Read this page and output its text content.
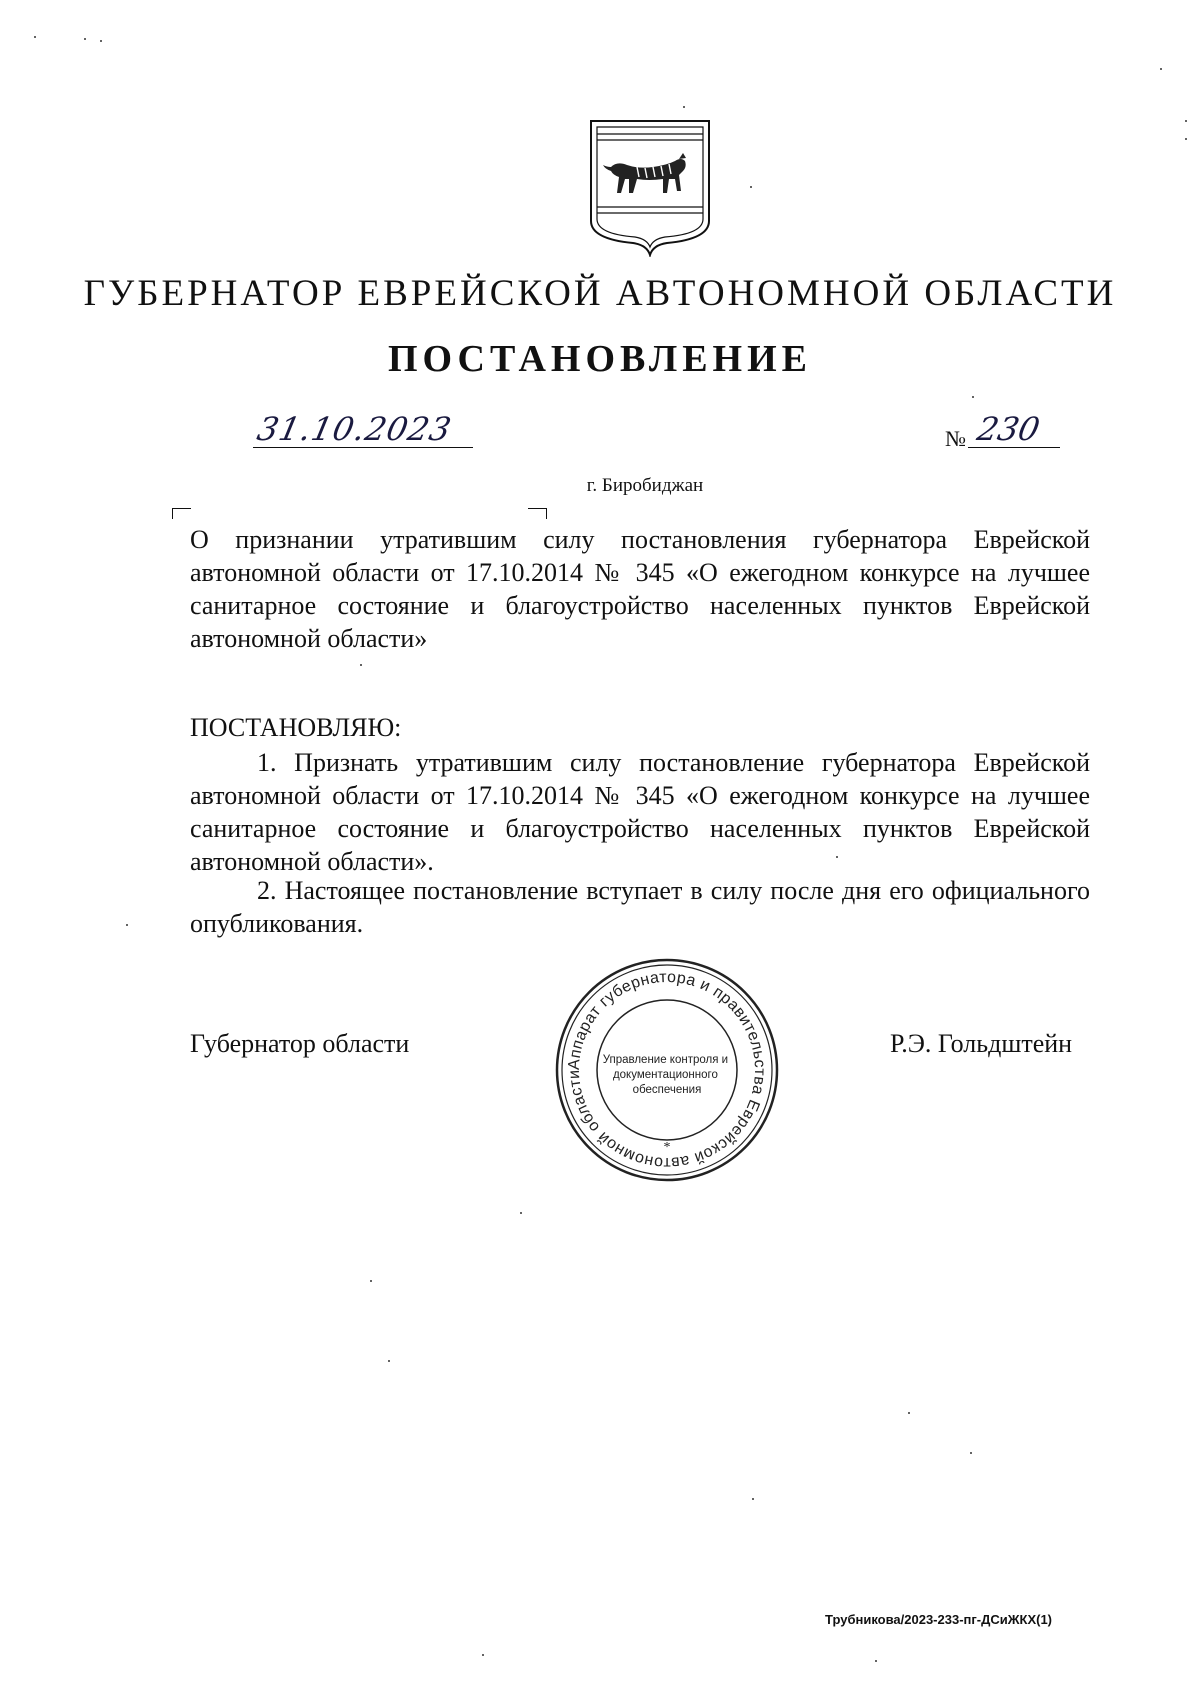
ГУБЕРНАТОР ЕВРЕЙСКОЙ АВТОНОМНОЙ ОБЛАСТИ
ПОСТАНОВЛЕНИЕ
31.10.2023	№ 230
г. Биробиджан
О признании утратившим силу постановления губернатора Еврейской автономной области от 17.10.2014 № 345 «О ежегодном конкурсе на лучшее санитарное состояние и благоустройство населенных пунктов Еврейской автономной области»
ПОСТАНОВЛЯЮ:
1. Признать утратившим силу постановление губернатора Еврейской автономной области от 17.10.2014 № 345 «О ежегодном конкурсе на лучшее санитарное состояние и благоустройство населенных пунктов Еврейской автономной области».
2. Настоящее постановление вступает в силу после дня его официального опубликования.
Губернатор области	Р.Э. Гольдштейн
Аппарат губернатора и правительства Еврейской автономной области
*
Управление контроля и документационного обеспечения
Трубникова/2023-233-пг-ДСиЖКХ(1)
